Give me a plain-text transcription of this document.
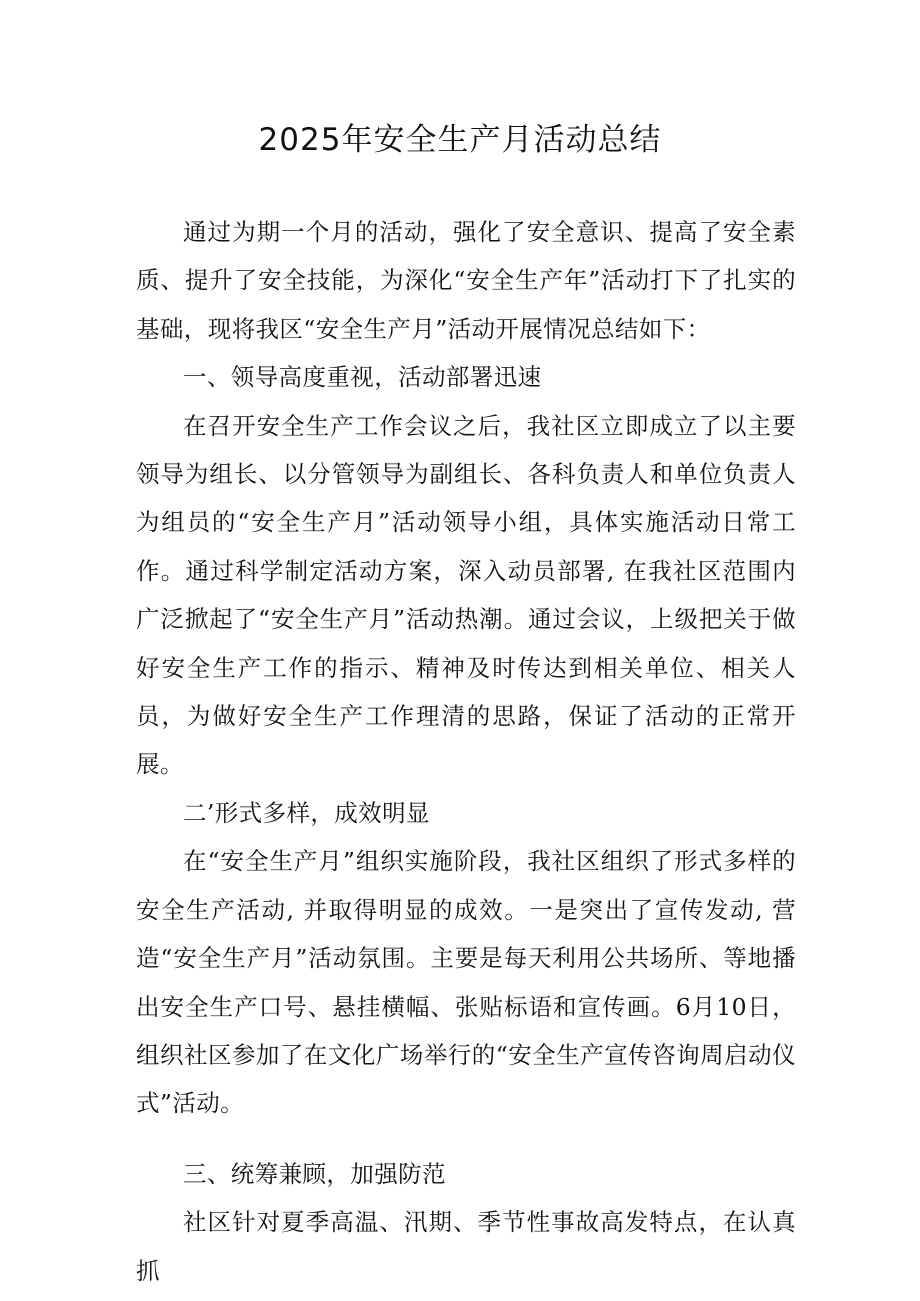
2025年安全生产月活动总结

通过为期一个月的活动，强化了安全意识、提高了安全素质、提升了安全技能，为深化“安全生产年”活动打下了扎实的基础，现将我区“安全生产月”活动开展情况总结如下：

一、领导高度重视，活动部署迅速

在召开安全生产工作会议之后，我社区立即成立了以主要领导为组长、以分管领导为副组长、各科负责人和单位负责人为组员的“安全生产月”活动领导小组，具体实施活动日常工作。通过科学制定活动方案，深入动员部署, 在我社区范围内广泛掀起了“安全生产月”活动热潮。通过会议，上级把关于做好安全生产工作的指示、精神及时传达到相关单位、相关人员，为做好安全生产工作理清的思路，保证了活动的正常开展。

二’形式多样，成效明显

在“安全生产月”组织实施阶段，我社区组织了形式多样的安全生产活动, 并取得明显的成效。一是突出了宣传发动, 营造“安全生产月”活动氛围。主要是每天利用公共场所、等地播出安全生产口号、悬挂横幅、张贴标语和宣传画。6月10日，组织社区参加了在文化广场举行的“安全生产宣传咨询周启动仪式”活动。

三、统筹兼顾，加强防范

社区针对夏季高温、汛期、季节性事故高发特点，在认真抓
